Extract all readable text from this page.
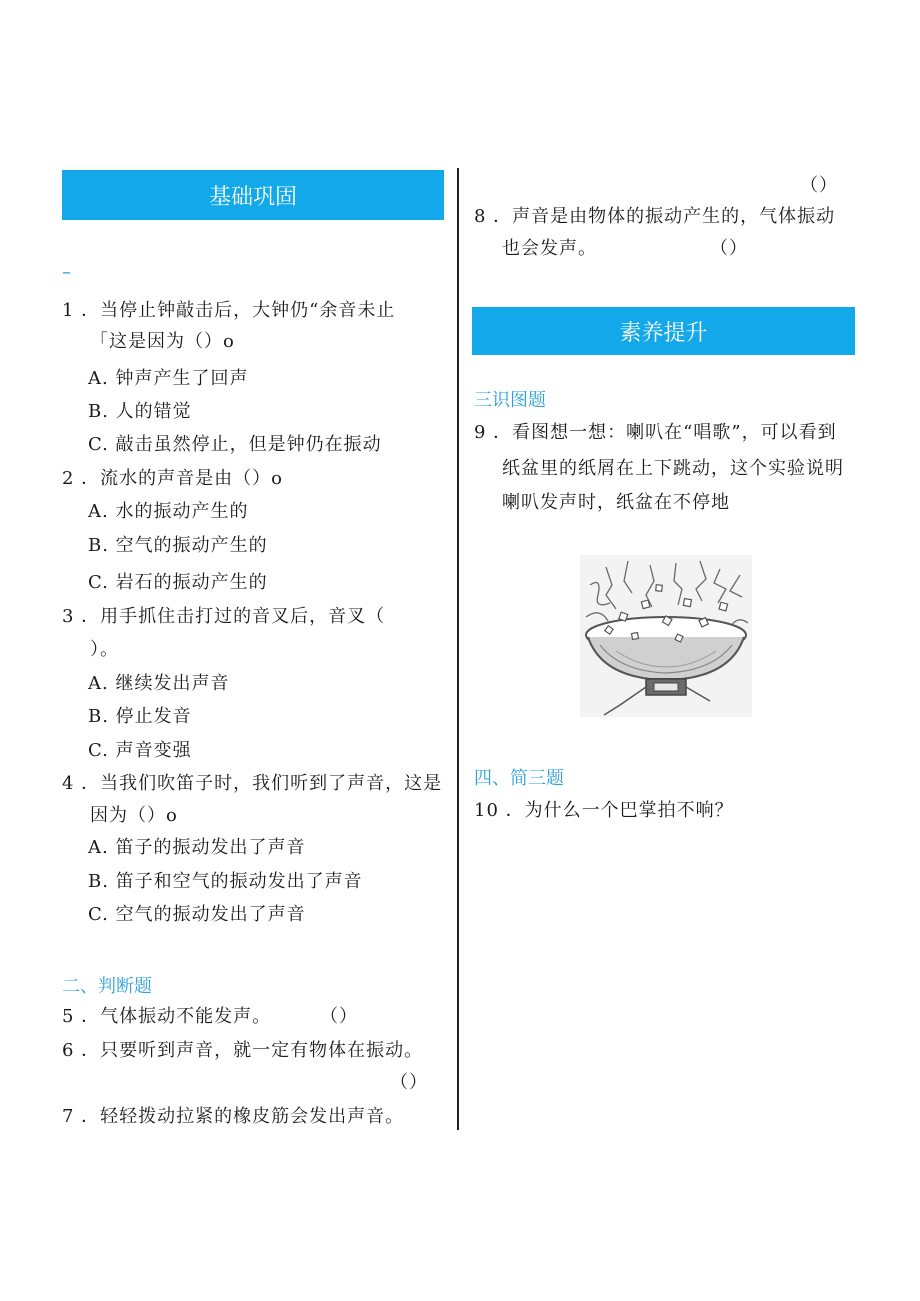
基础巩固
–
1 ．当停止钟敲击后，大钟仍“余音未止
「这是因为（）o
A. 钟声产生了回声
B. 人的错觉
C. 敲击虽然停止，但是钟仍在振动
2 ．流水的声音是由（）o
A. 水的振动产生的
B. 空气的振动产生的
C. 岩石的振动产生的
3 ．用手抓住击打过的音叉后，音叉（
）。
A. 继续发出声音
B. 停止发音
C. 声音变强
4 ．当我们吹笛子时，我们听到了声音，这是
因为（）o
A. 笛子的振动发出了声音
B. 笛子和空气的振动发出了声音
C. 空气的振动发出了声音
二、判断题
5 ．气体振动不能发声。	（）
6 ．只要听到声音，就一定有物体在振动。
（）
7 ．轻轻拨动拉紧的橡皮筋会发出声音。
（）
8 ．声音是由物体的振动产生的，气体振动
也会发声。	（）
素养提升
三识图题
9 ．看图想一想：喇叭在“唱歌”，可以看到
纸盆里的纸屑在上下跳动，这个实验说明
喇叭发声时，纸盆在不停地
四、简三题
10 ．为什么一个巴掌拍不响？
